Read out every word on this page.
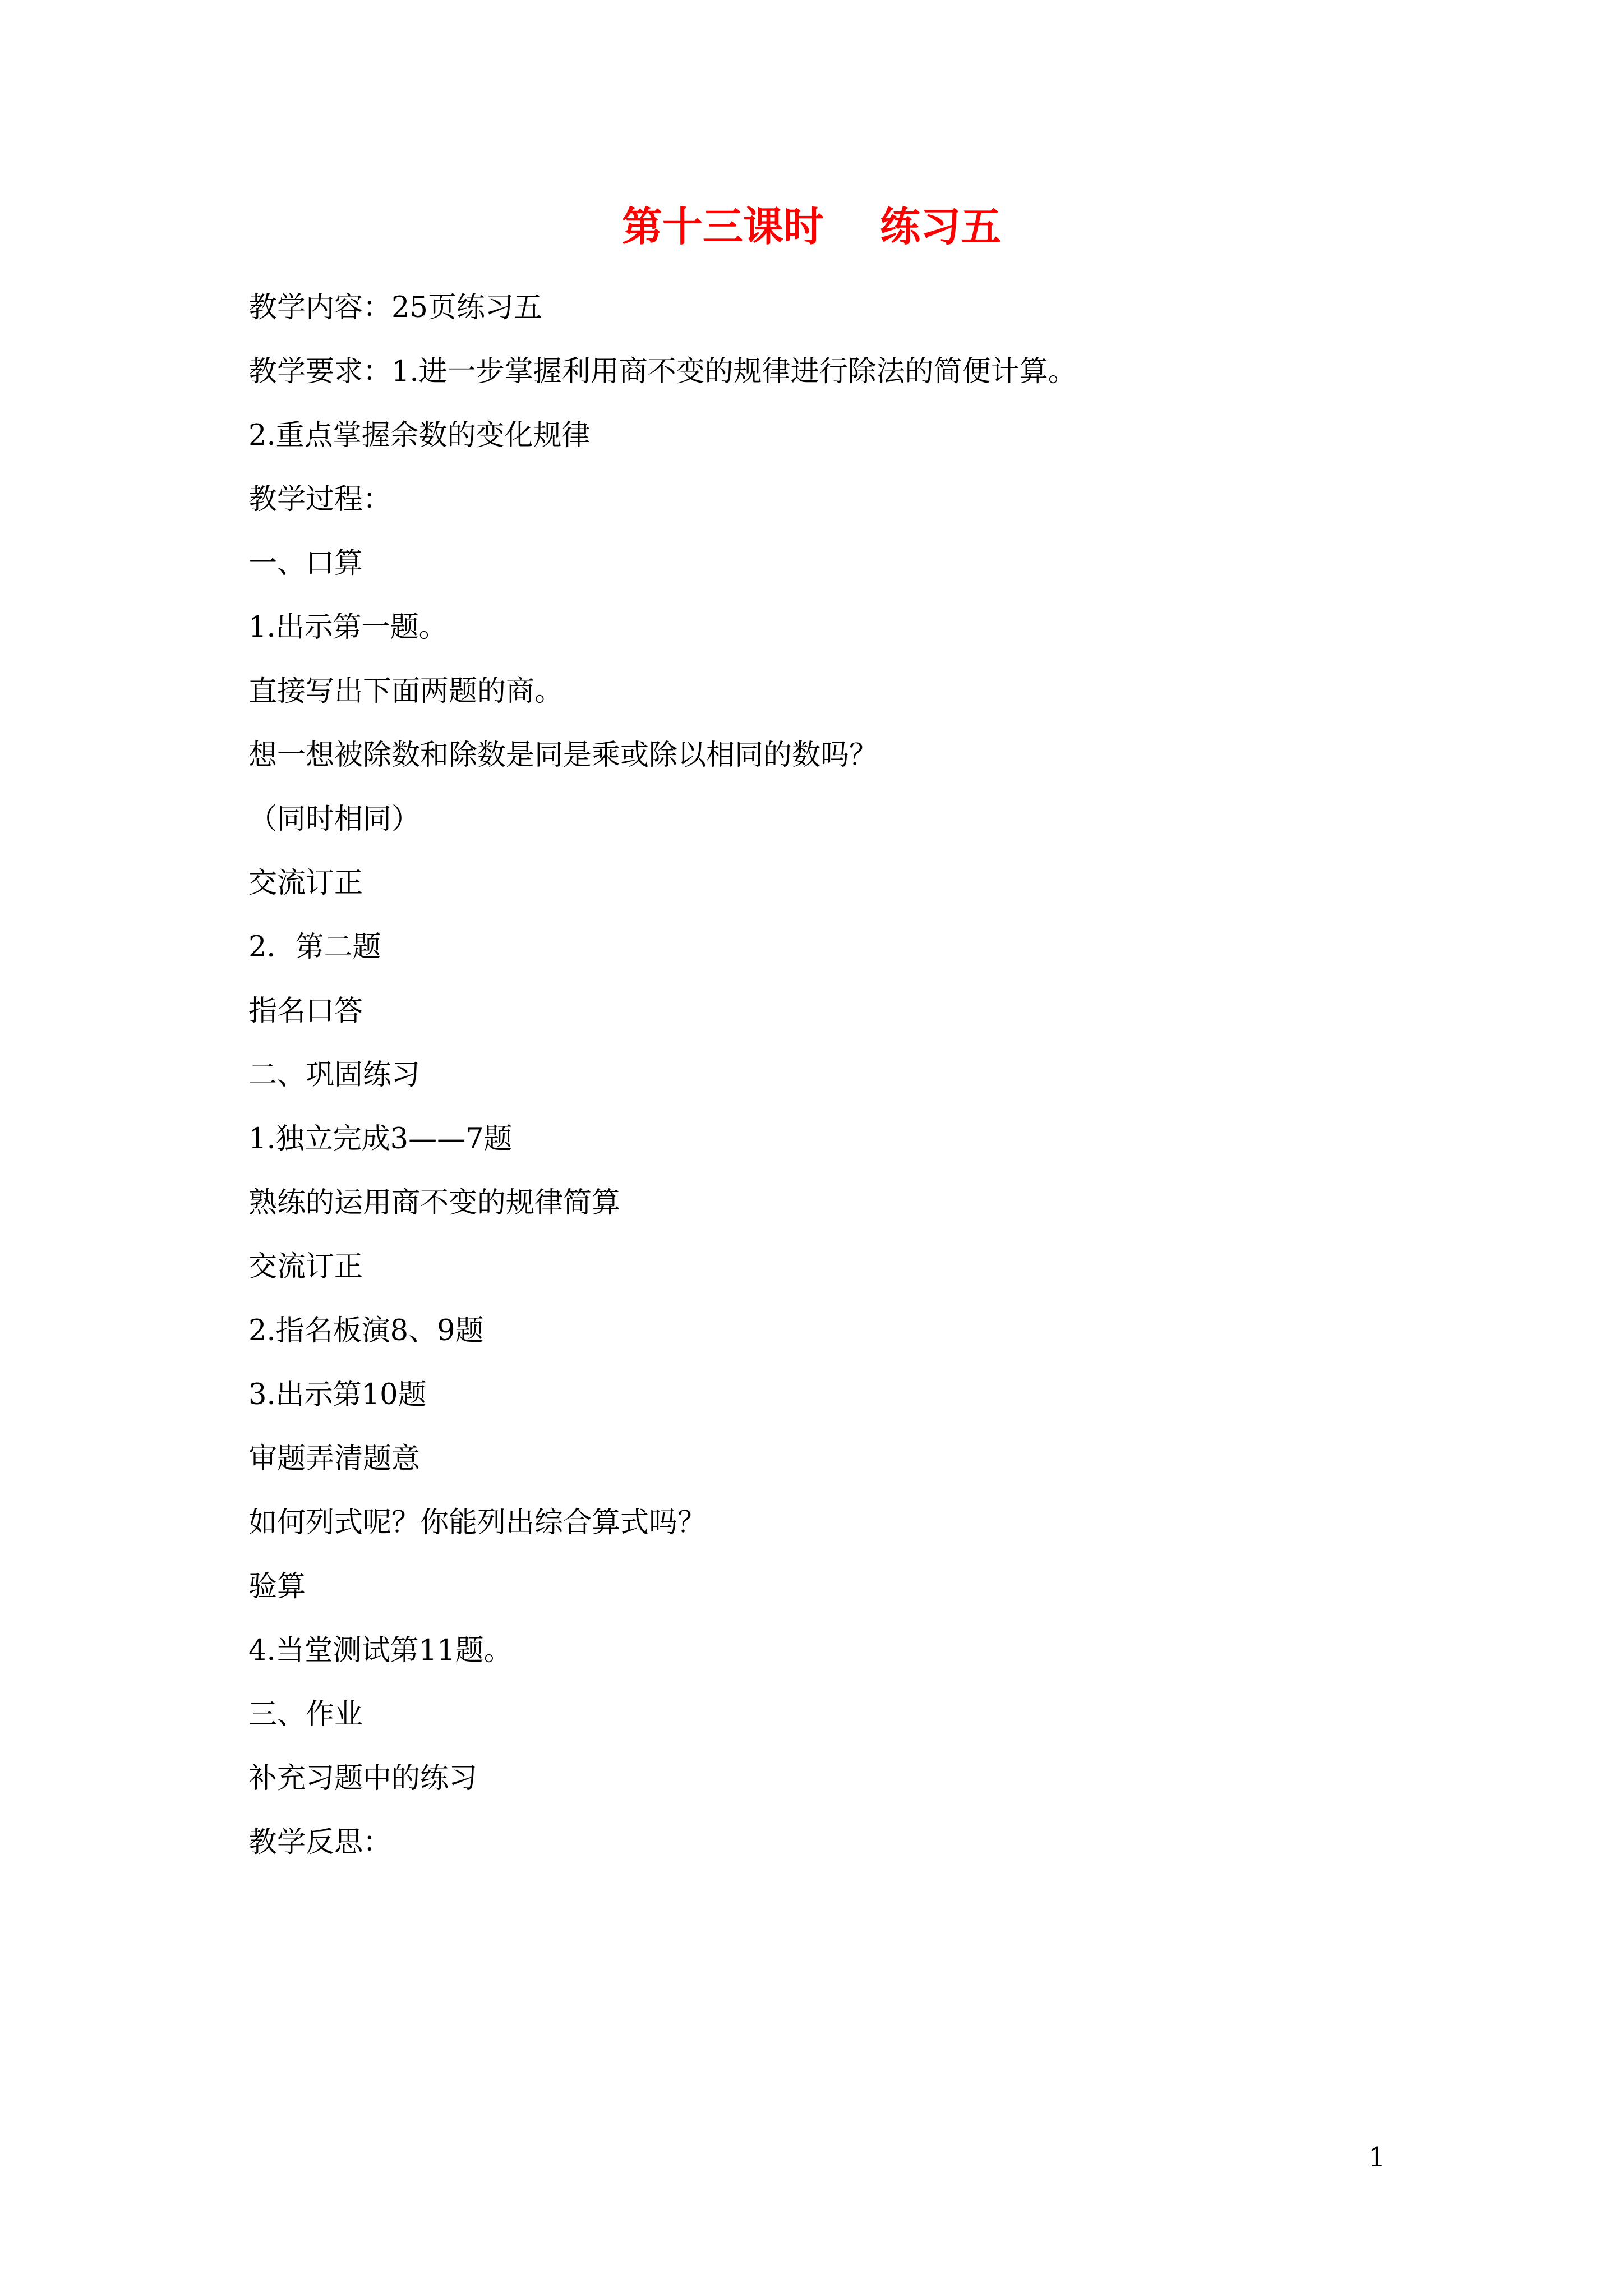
第十三课时    练习五
教学内容：25页练习五
教学要求：1.进一步掌握利用商不变的规律进行除法的简便计算。
2.重点掌握余数的变化规律
教学过程：
一、口算
1.出示第一题。
直接写出下面两题的商。
想一想被除数和除数是同是乘或除以相同的数吗？
（同时相同）
交流订正
2．第二题
指名口答
二、巩固练习
1.独立完成3——7题
熟练的运用商不变的规律简算
交流订正
2.指名板演8、9题
3.出示第10题
审题弄清题意
如何列式呢？你能列出综合算式吗？
验算
4.当堂测试第11题。
三、作业
补充习题中的练习
教学反思：
1
